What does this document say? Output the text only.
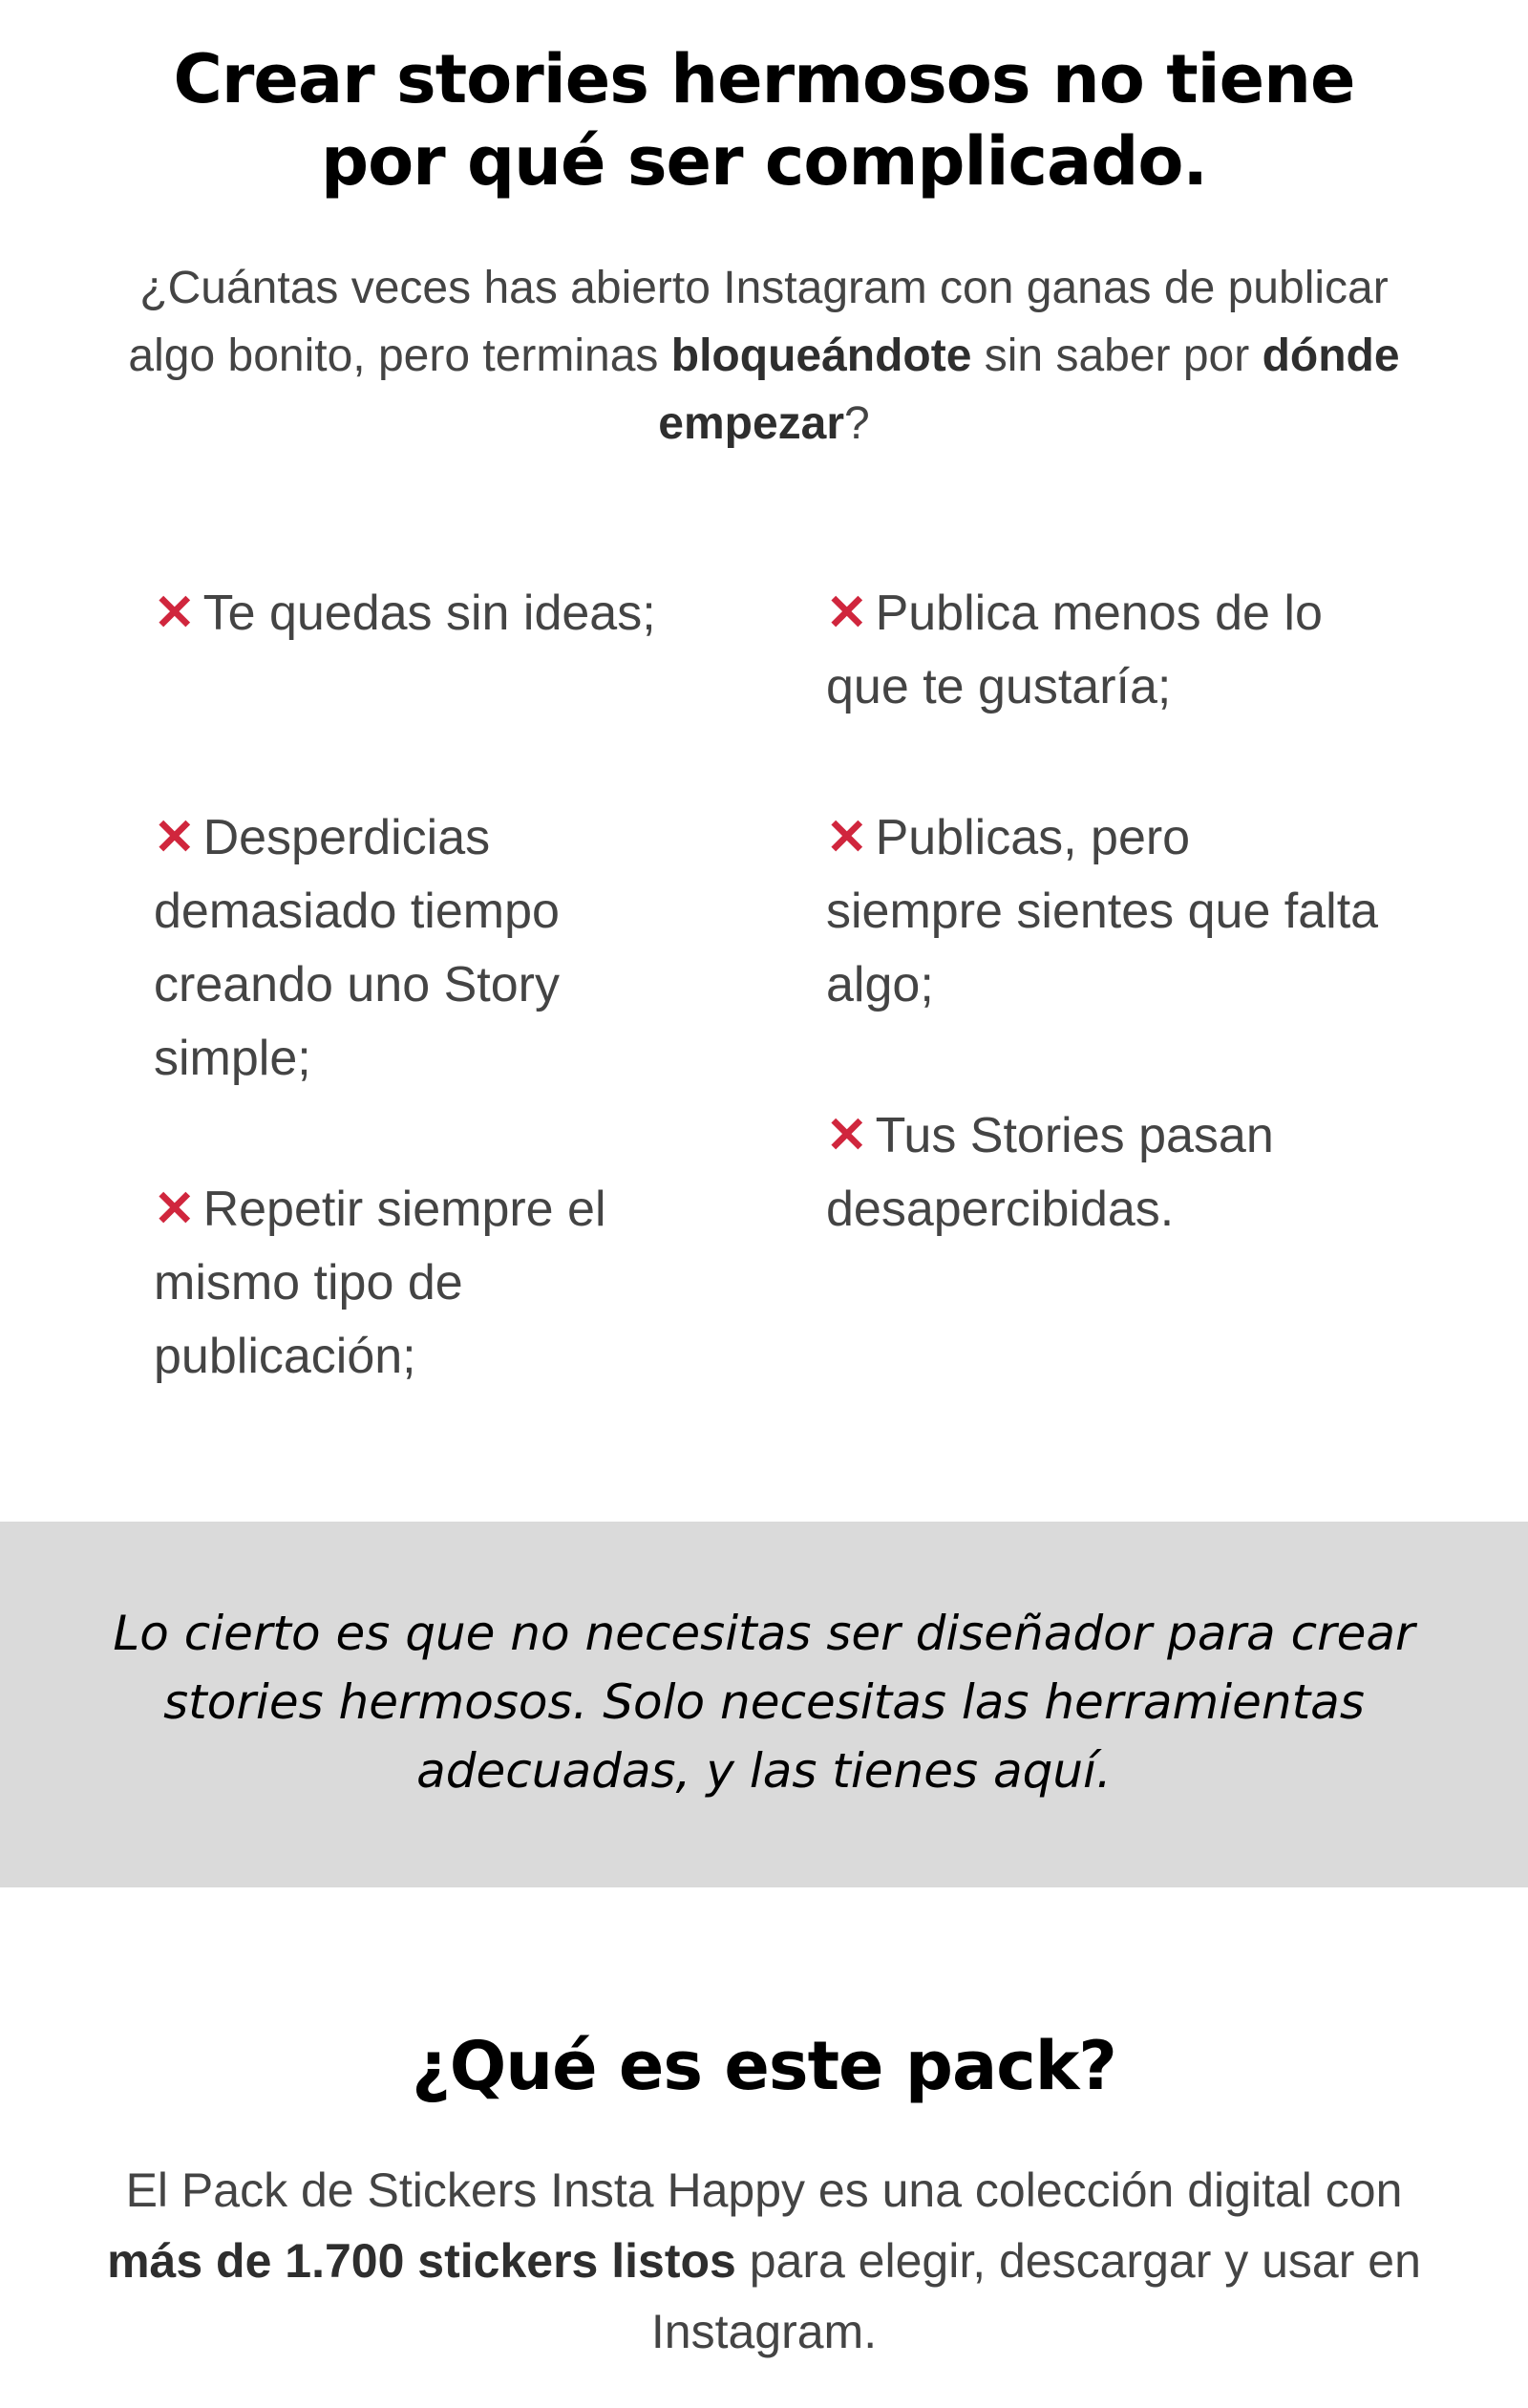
Crear stories hermosos no tiene por qué ser complicado.

¿Cuántas veces has abierto Instagram con ganas de publicar algo bonito, pero terminas bloqueándote sin saber por dónde empezar?

✕ Te quedas sin ideas;
✕ Desperdicias demasiado tiempo creando uno Story simple;
✕ Repetir siempre el mismo tipo de publicación;
✕ Publica menos de lo que te gustaría;
✕ Publicas, pero siempre sientes que falta algo;
✕ Tus Stories pasan desapercibidas.

Lo cierto es que no necesitas ser diseñador para crear stories hermosos. Solo necesitas las herramientas adecuadas, y las tienes aquí.

¿Qué es este pack?

El Pack de Stickers Insta Happy es una colección digital con más de 1.700 stickers listos para elegir, descargar y usar en Instagram.
